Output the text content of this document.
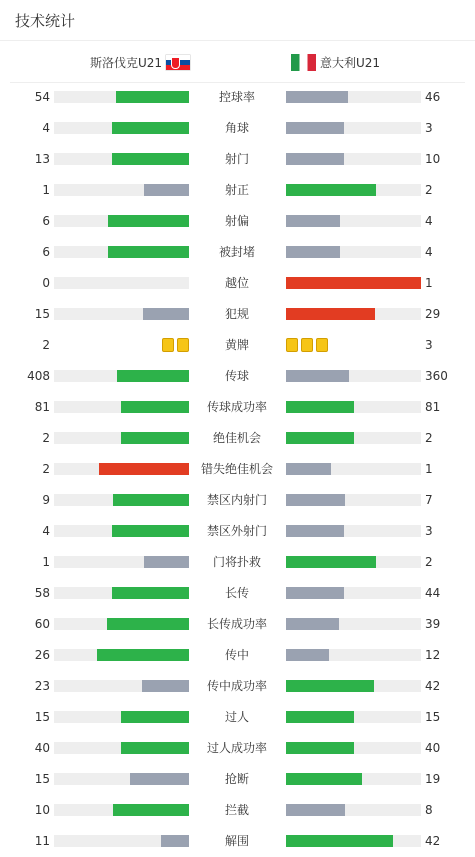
技术统计
斯洛伐克U21	意大利U21
54	控球率	46
4	角球	3
13	射门	10
1	射正	2
6	射偏	4
6	被封堵	4
0	越位	1
15	犯规	29
2	黄牌	3
408	传球	360
81	传球成功率	81
2	绝佳机会	2
2	错失绝佳机会	1
9	禁区内射门	7
4	禁区外射门	3
1	门将扑救	2
58	长传	44
60	长传成功率	39
26	传中	12
23	传中成功率	42
15	过人	15
40	过人成功率	40
15	抢断	19
10	拦截	8
11	解围	42
